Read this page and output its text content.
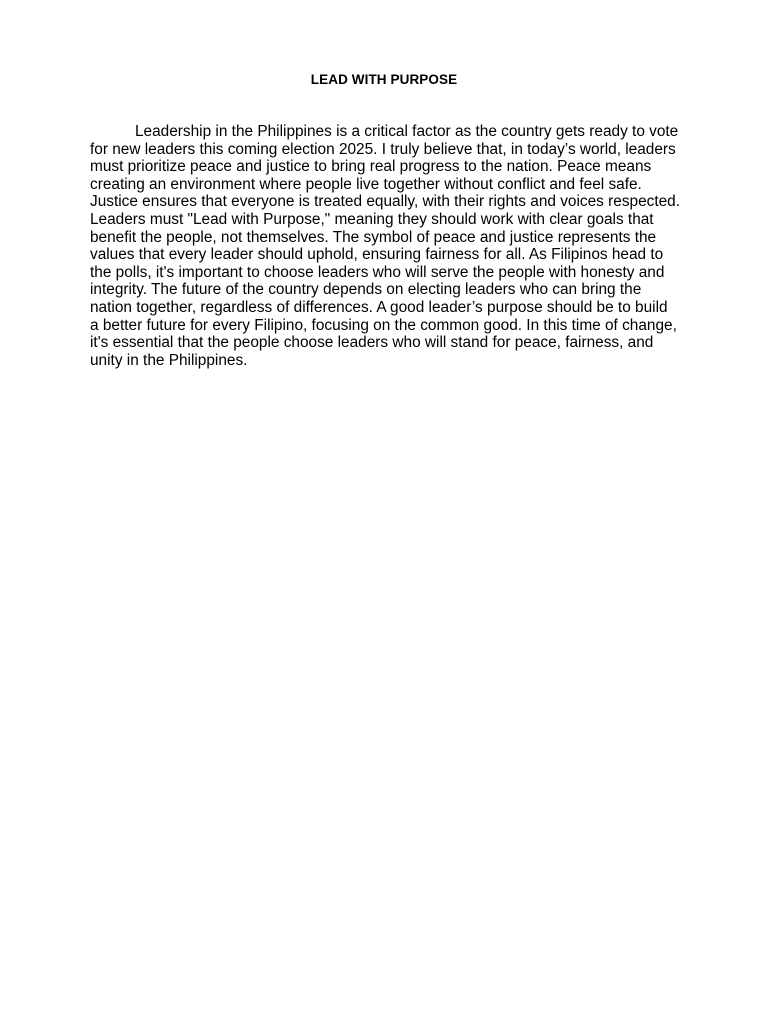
LEAD WITH PURPOSE

Leadership in the Philippines is a critical factor as the country gets ready to vote for new leaders this coming election 2025. I truly believe that, in today’s world, leaders must prioritize peace and justice to bring real progress to the nation. Peace means creating an environment where people live together without conflict and feel safe. Justice ensures that everyone is treated equally, with their rights and voices respected. Leaders must "Lead with Purpose," meaning they should work with clear goals that benefit the people, not themselves. The symbol of peace and justice represents the values that every leader should uphold, ensuring fairness for all. As Filipinos head to the polls, it's important to choose leaders who will serve the people with honesty and integrity. The future of the country depends on electing leaders who can bring the nation together, regardless of differences. A good leader’s purpose should be to build a better future for every Filipino, focusing on the common good. In this time of change, it's essential that the people choose leaders who will stand for peace, fairness, and unity in the Philippines.
